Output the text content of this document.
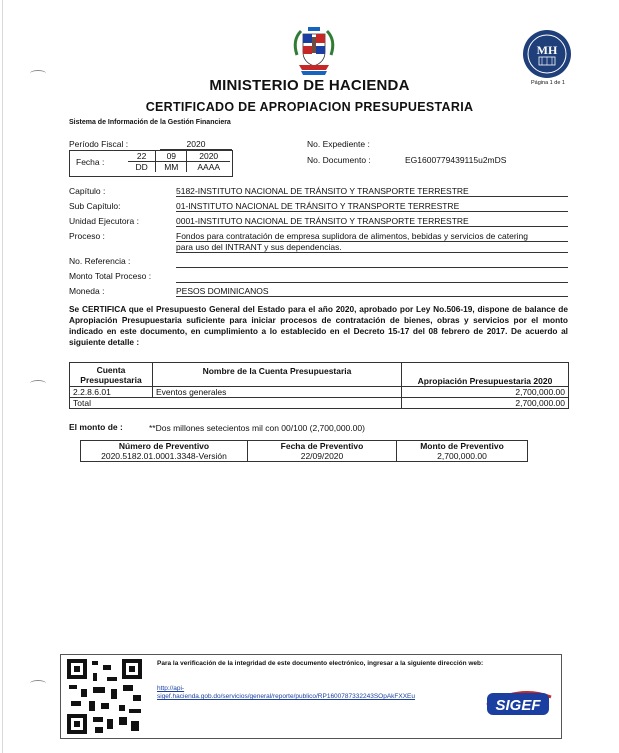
MH
Página 1 de 1
MINISTERIO DE HACIENDA
CERTIFICADO DE APROPIACION PRESUPUESTARIA
Sistema de Información de la Gestión Financiera
Período Fiscal :	2020
Fecha :
22	09	2020
DD	MM	AAAA
No. Expediente :
No. Documento :	EG1600779439115u2mDS
Capítulo :	5182-INSTITUTO NACIONAL DE TRÁNSITO Y TRANSPORTE TERRESTRE
Sub Capítulo:	01-INSTITUTO NACIONAL DE TRÁNSITO Y TRANSPORTE TERRESTRE
Unidad Ejecutora :	0001-INSTITUTO NACIONAL DE TRÁNSITO Y TRANSPORTE TERRESTRE
Proceso :	Fondos para contratación de empresa suplidora de alimentos, bebidas y servicios de catering
para uso del INTRANT y sus dependencias.
No. Referencia :
Monto Total Proceso :
Moneda :	PESOS DOMINICANOS
Se CERTIFICA que el Presupuesto General del Estado para el año 2020, aprobado por Ley No.506-19, dispone de balance de Apropiación Presupuestaria suficiente para iniciar procesos de contratación de bienes, obras y servicios por el monto indicado en este documento, en cumplimiento a lo establecido en el Decreto 15-17 del 08 febrero de 2017. De acuerdo al siguiente detalle :
Cuenta
Presupuestaria	Nombre de la Cuenta Presupuestaria	Apropiación Presupuestaria 2020
2.2.8.6.01	Eventos generales	2,700,000.00
Total		2,700,000.00
El monto de :	**Dos millones setecientos mil con 00/100 (2,700,000.00)
Número de Preventivo	Fecha de Preventivo	Monto de Preventivo
2020.5182.01.0001.3348-Versión	22/09/2020	2,700,000.00
Para la verificación de la integridad de este documento electrónico, ingresar a la siguiente dirección web:
http://api-
sigef.hacienda.gob.do/servicios/general/reporte/publico/RP1600787332243SOpAkFXXEu
SIGEF
